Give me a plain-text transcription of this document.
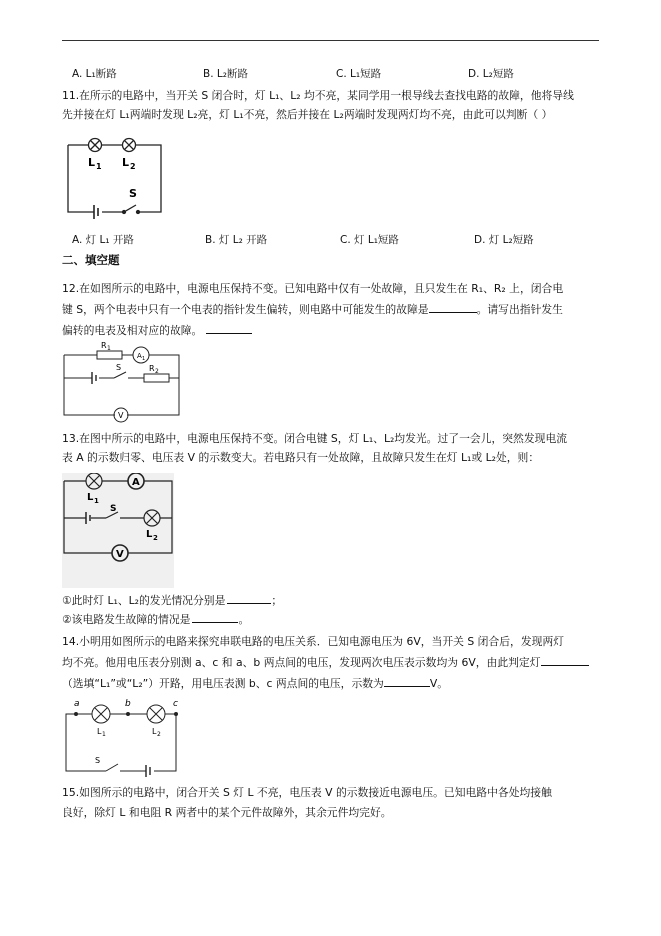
A. L₁断路	B. L₂断路	C. L₁短路	D. L₂短路
11.在所示的电路中，当开关 S 闭合时，灯 L₁、L₂ 均不亮，某同学用一根导线去查找电路的故障，他将导线
先并接在灯 L₁两端时发现 L₂亮，灯 L₁不亮，然后并接在 L₂两端时发现两灯均不亮，由此可以判断（ ）
L 1 L 2
S
A. 灯 L₁ 开路	B. 灯 L₂ 开路	C. 灯 L₁短路	D. 灯 L₂短路
二、填空题
12.在如图所示的电路中，电源电压保持不变。已知电路中仅有一处故障，且只发生在 R₁、R₂ 上，闭合电
键 S，两个电表中只有一个电表的指针发生偏转，则电路中可能发生的故障是	。请写出指针发生
偏转的电表及相对应的故障。
R 1
A 1
S	R 2
V
13.在图中所示的电路中，电源电压保持不变。闭合电键 S，灯 L₁、L₂均发光。过了一会儿，突然发现电流
表 A 的示数归零、电压表 V 的示数变大。若电路只有一处故障，且故障只发生在灯 L₁或 L₂处，则：
L 1
A
S
L 2
V
①此时灯 L₁、L₂的发光情况分别是	；
②该电路发生故障的情况是	。
14.小明用如图所示的电路来探究串联电路的电压关系．已知电源电压为 6V，当开关 S 闭合后，发现两灯
均不亮。他用电压表分别测 a、c 和 a、b 两点间的电压，发现两次电压表示数均为 6V，由此判定灯
（选填“L₁”或“L₂”）开路，用电压表测 b、c 两点间的电压，示数为	V。
a	b	c
L 1	L 2
S
15.如图所示的电路中，闭合开关 S 灯 L 不亮，电压表 V 的示数接近电源电压。已知电路中各处均接触
良好，除灯 L 和电阻 R 两者中的某个元件故障外，其余元件均完好。
